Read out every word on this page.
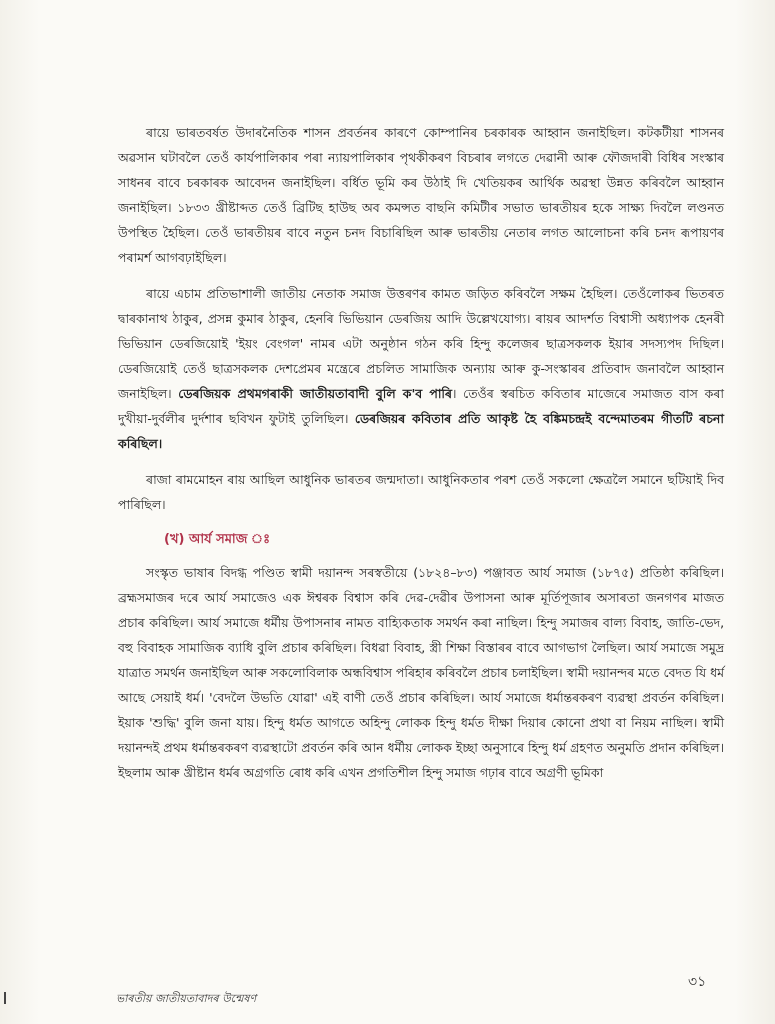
ৰায়ে ভাৰতবৰ্ষত উদাৰনৈতিক শাসন প্ৰবৰ্তনৰ কাৰণে কোম্পানিৰ চৰকাৰক আহ্বান জনাইছিল। কটকটীয়া শাসনৰ অৱসান ঘটাবলৈ তেওঁ কাৰ্যপালিকাৰ পৰা ন্যায়পালিকাৰ পৃথকীকৰণ বিচৰাৰ লগতে দেৱানী আৰু ফৌজদাৰী বিধিৰ সংস্কাৰ সাধনৰ বাবে চৰকাৰক আবেদন জনাইছিল। বৰ্ধিত ভূমি কৰ উঠাই দি খেতিয়কৰ আৰ্থিক অৱস্থা উন্নত কৰিবলৈ আহ্বান জনাইছিল। ১৮৩৩ খ্ৰীষ্টাব্দত তেওঁ ব্ৰিটিছ হাউছ অব কমন্সত বাছনি কমিটীৰ সভাত ভাৰতীয়ৰ হকে সাক্ষ্য দিবলৈ লণ্ডনত উপস্থিত হৈছিল। তেওঁ ভাৰতীয়ৰ বাবে নতুন চনদ বিচাৰিছিল আৰু ভাৰতীয় নেতাৰ লগত আলোচনা কৰি চনদ ৰূপায়ণৰ পৰামৰ্শ আগবঢ়াইছিল।

ৰায়ে এচাম প্ৰতিভাশালী জাতীয় নেতাক সমাজ উত্তৰণৰ কামত জড়িত কৰিবলৈ সক্ষম হৈছিল। তেওঁলোকৰ ভিতৰত দ্বাৰকানাথ ঠাকুৰ, প্ৰসন্ন কুমাৰ ঠাকুৰ, হেনৰি ভিভিয়ান ডেৰজিয় আদি উল্লেখযোগ্য। ৰায়ৰ আদৰ্শত বিশ্বাসী অধ্যাপক হেনৰী ভিভিয়ান ডেৰজিয়োই 'ইয়ং বেংগল' নামৰ এটা অনুষ্ঠান গঠন কৰি হিন্দু কলেজৰ ছাত্ৰসকলক ইয়াৰ সদস্যপদ দিছিল। ডেৰজিয়োই তেওঁ ছাত্ৰসকলক দেশপ্ৰেমৰ মন্ত্ৰেৰে প্ৰচলিত সামাজিক অন্যায় আৰু কু-সংস্কাৰৰ প্ৰতিবাদ জনাবলৈ আহ্বান জনাইছিল। ডেৰজিয়ক প্ৰথমগৰাকী জাতীয়তাবাদী বুলি ক'ব পাৰি। তেওঁৰ স্বৰচিত কবিতাৰ মাজেৰে সমাজত বাস কৰা দুখীয়া-দুৰ্বলীৰ দুৰ্দশাৰ ছবিখন ফুটাই তুলিছিল। ডেৰজিয়ৰ কবিতাৰ প্ৰতি আকৃষ্ট হৈ বঙ্কিমচন্দ্ৰই বন্দেমাতৰম গীতটি ৰচনা কৰিছিল।

ৰাজা ৰামমোহন ৰায় আছিল আধুনিক ভাৰতৰ জন্মদাতা। আধুনিকতাৰ পৰশ তেওঁ সকলো ক্ষেত্ৰলৈ সমানে ছটিয়াই দিব পাৰিছিল।

(খ) আৰ্য সমাজ ঃ

সংস্কৃত ভাষাৰ বিদগ্ধ পণ্ডিত স্বামী দয়ানন্দ সৰস্বতীয়ে (১৮২৪–৮৩) পঞ্জাবত আৰ্য সমাজ (১৮৭৫) প্ৰতিষ্ঠা কৰিছিল। ব্ৰহ্মসমাজৰ দৰে আৰ্য সমাজেও এক ঈশ্বৰক বিশ্বাস কৰি দেৱ-দেৱীৰ উপাসনা আৰু মূৰ্তিপূজাৰ অসাৰতা জনগণৰ মাজত প্ৰচাৰ কৰিছিল। আৰ্য সমাজে ধৰ্মীয় উপাসনাৰ নামত বাহ্যিকতাক সমৰ্থন কৰা নাছিল। হিন্দু সমাজৰ বাল্য বিবাহ, জাতি-ভেদ, বহু বিবাহক সামাজিক ব্যাধি বুলি প্ৰচাৰ কৰিছিল। বিধৱা বিবাহ, স্ত্ৰী শিক্ষা বিস্তাৰৰ বাবে আগভাগ লৈছিল। আৰ্য সমাজে সমুদ্ৰ যাত্ৰাত সমৰ্থন জনাইছিল আৰু সকলোবিলাক অন্ধবিশ্বাস পৰিহাৰ কৰিবলৈ প্ৰচাৰ চলাইছিল। স্বামী দয়ানন্দৰ মতে বেদত যি ধৰ্ম আছে সেয়াই ধৰ্ম। 'বেদলৈ উভতি যোৱা' এই বাণী তেওঁ প্ৰচাৰ কৰিছিল। আৰ্য সমাজে ধৰ্মান্তৰকৰণ ব্যৱস্থা প্ৰবৰ্তন কৰিছিল। ইয়াক 'শুদ্ধি' বুলি জনা যায়। হিন্দু ধৰ্মত আগতে অহিন্দু লোকক হিন্দু ধৰ্মত দীক্ষা দিয়াৰ কোনো প্ৰথা বা নিয়ম নাছিল। স্বামী দয়ানন্দই প্ৰথম ধৰ্মান্তৰকৰণ ব্যৱস্থাটো প্ৰবৰ্তন কৰি আন ধৰ্মীয় লোকক ইচ্ছা অনুসাৰে হিন্দু ধৰ্ম গ্ৰহণত অনুমতি প্ৰদান কৰিছিল। ইছলাম আৰু খ্ৰীষ্টান ধৰ্মৰ অগ্ৰগতি ৰোধ কৰি এখন প্ৰগতিশীল হিন্দু সমাজ গঢ়াৰ বাবে অগ্ৰণী ভূমিকা

৩১
ভাৰতীয় জাতীয়তাবাদৰ উন্মেষণ
